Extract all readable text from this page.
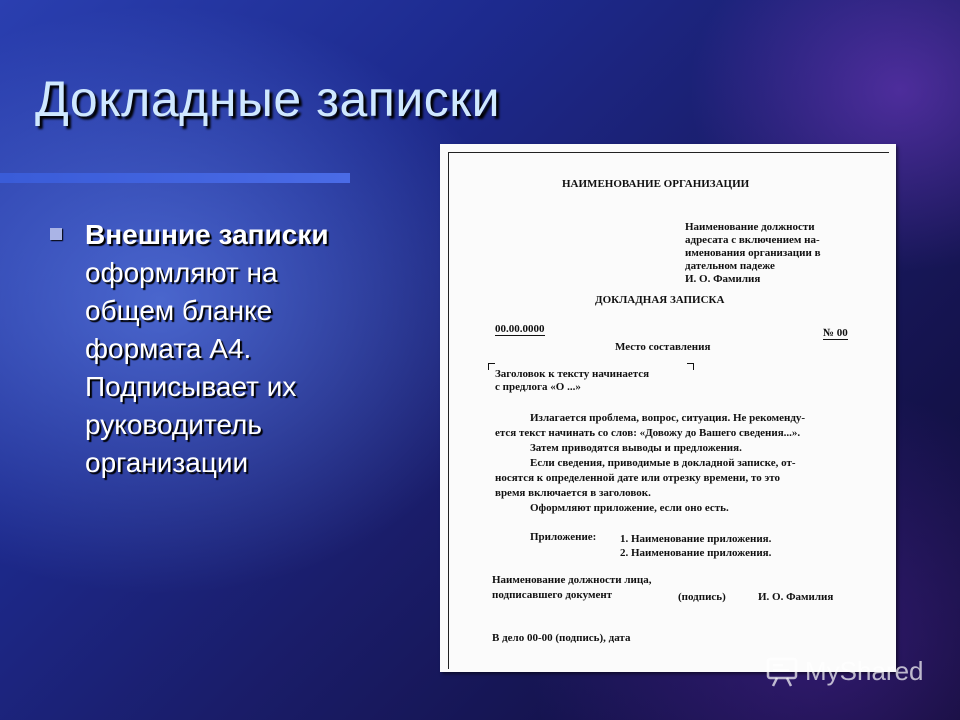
Докладные записки
Внешние записки оформляют на общем бланке формата А4. Подписывает их руководитель организации
НАИМЕНОВАНИЕ ОРГАНИЗАЦИИ
Наименование должности
адресата с включением на-
именования организации в
дательном падеже
И. О. Фамилия
ДОКЛАДНАЯ ЗАПИСКА
00.00.0000
Место составления
№ 00
Заголовок к тексту начинается
с предлога «О ...»
Излагается проблема, вопрос, ситуация. Не рекоменду-
ется текст начинать со слов: «Довожу до Вашего сведения...».
Затем приводятся выводы и предложения.
Если сведения, приводимые в докладной записке, от-
носятся к определенной дате или отрезку времени, то это
время включается в заголовок.
Оформляют приложение, если оно есть.
Приложение: 1. Наименование приложения.
2. Наименование приложения.
Наименование должности лица,
подписавшего документ	(подпись)	И. О. Фамилия
В дело 00-00 (подпись), дата
MyShared
